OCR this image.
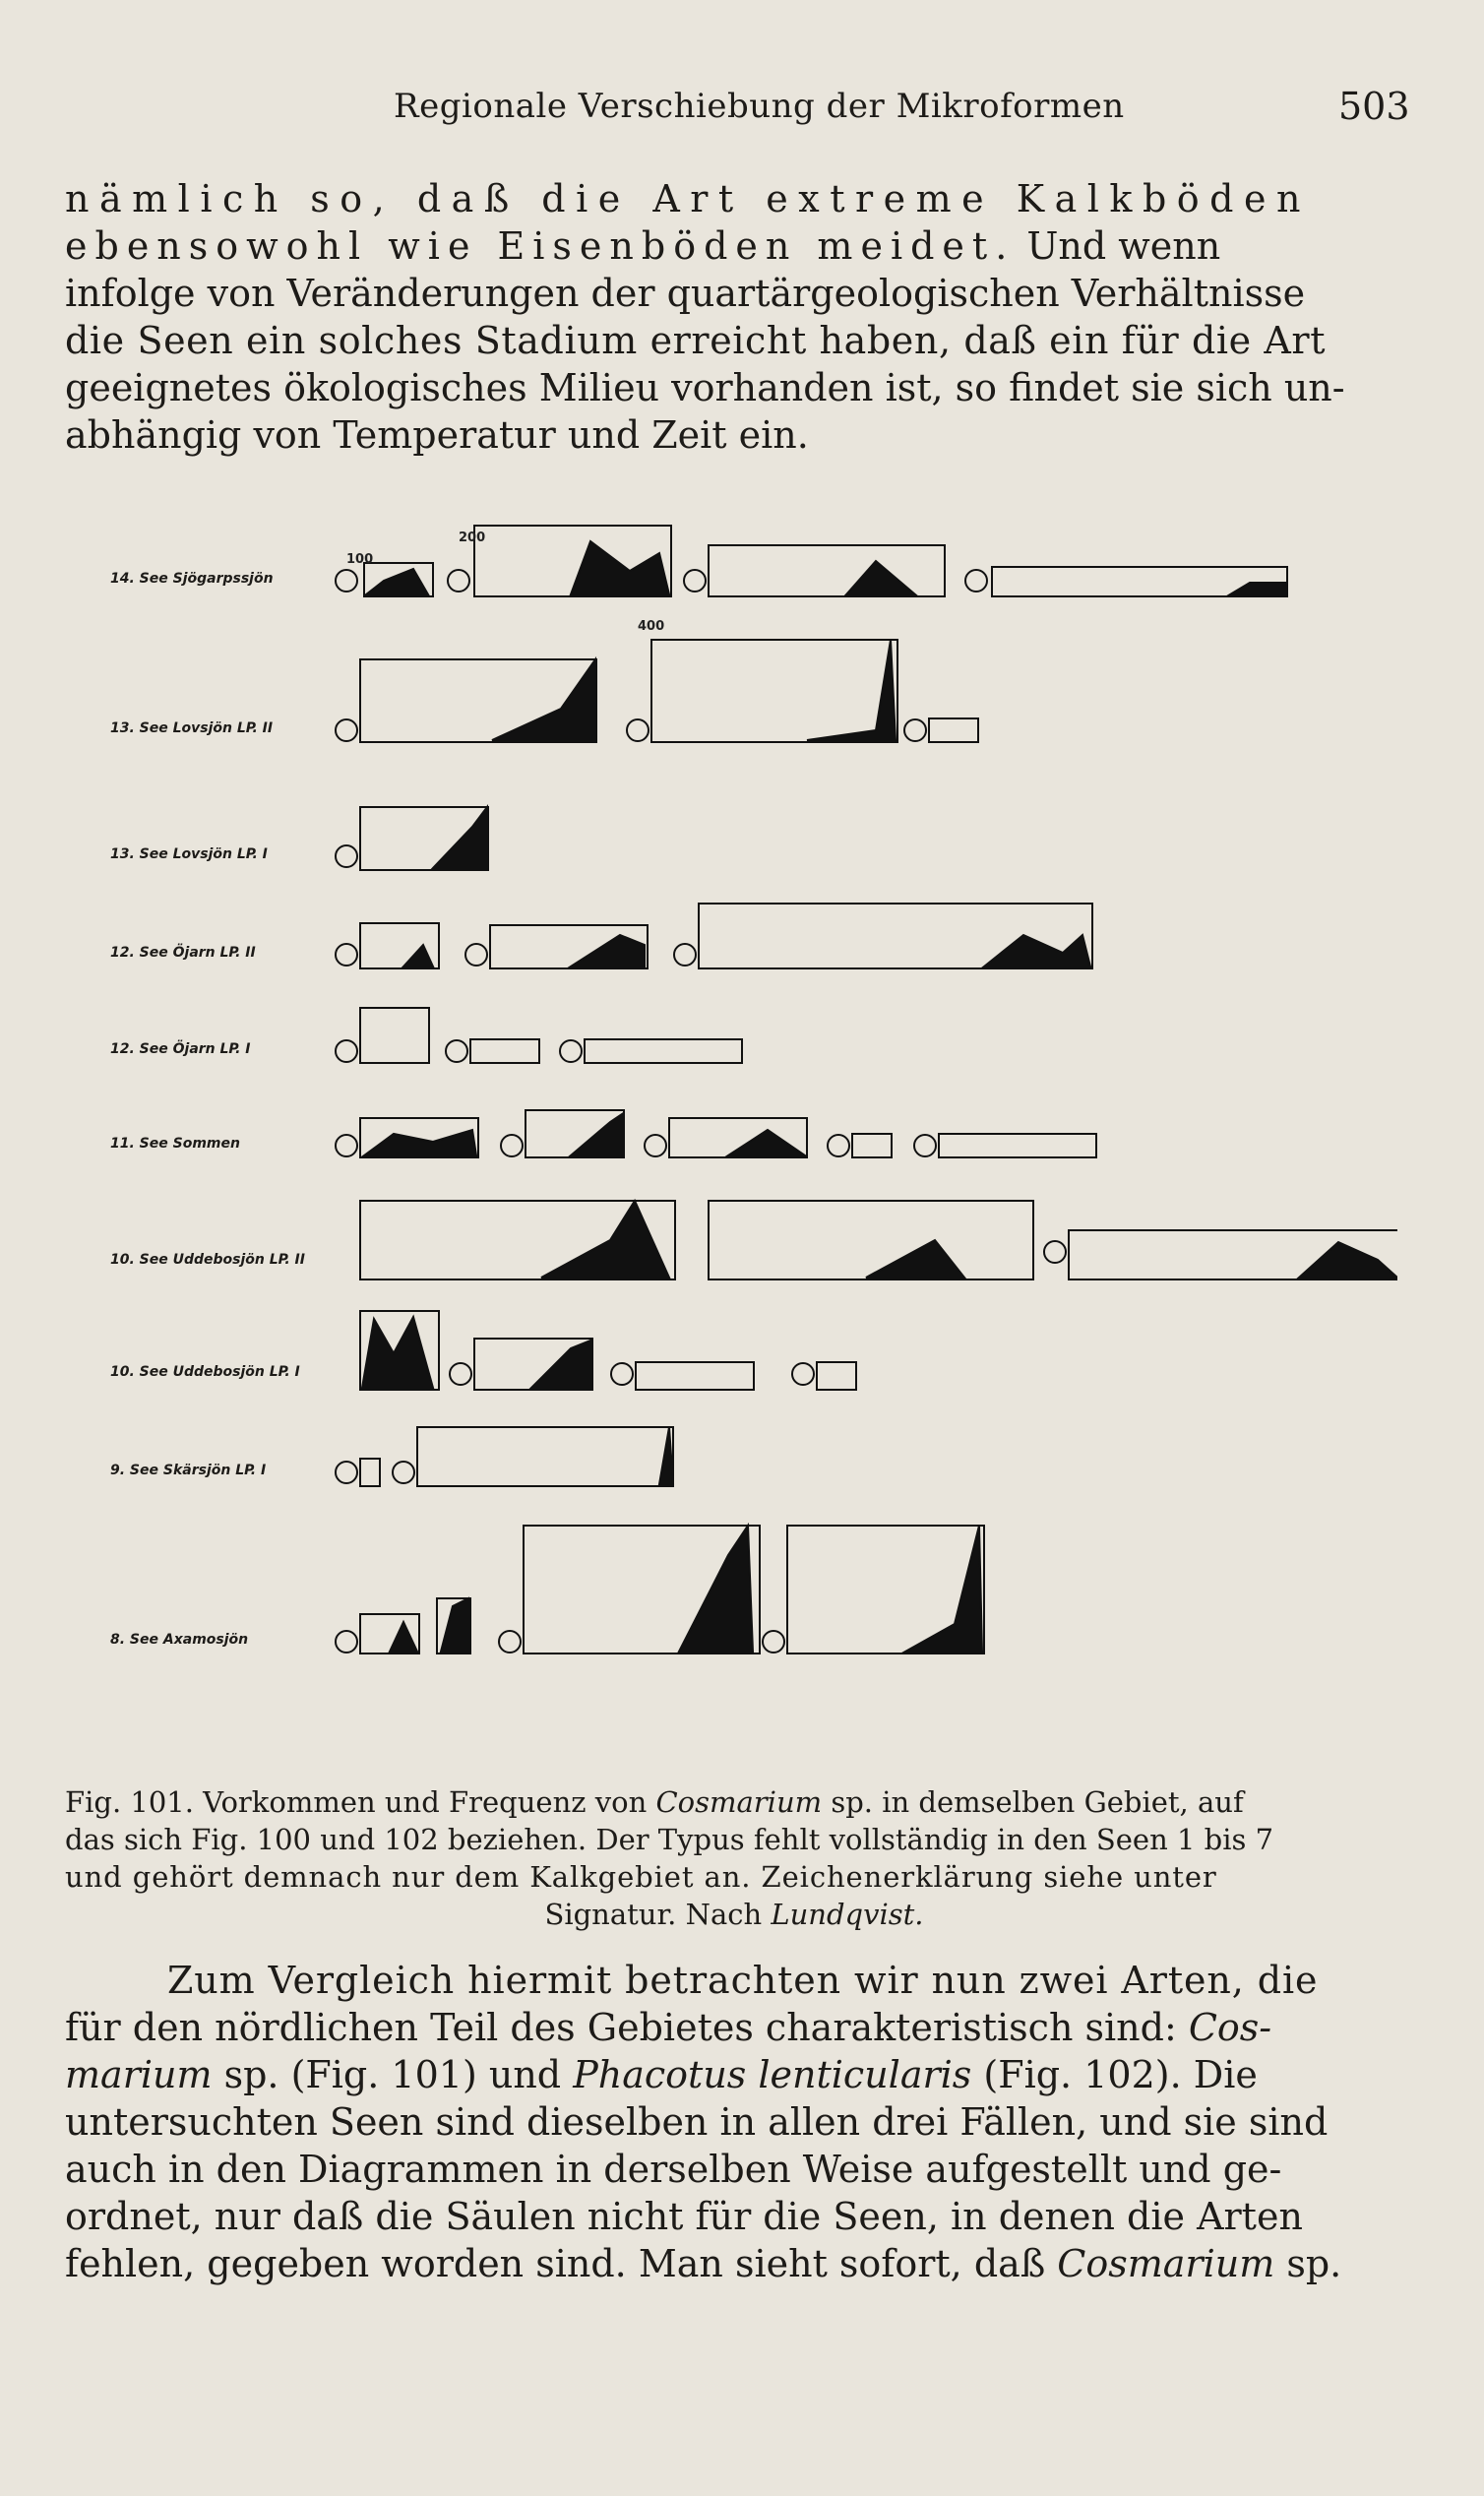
Regionale Verschiebung der Mikroformen	503

nämlich so, daß die Art extreme Kalkböden

ebensowohl wie Eisenböden meidet. Und wenn

infolge von Veränderungen der quartärgeologischen Verhältnisse

die Seen ein solches Stadium erreicht haben, daß ein für die Art

geeignetes ökologisches Milieu vorhanden ist, so findet sie sich un-

abhängig von Temperatur und Zeit ein.

100
200
400
14. See Sjögarpssjön
13. See Lovsjön LP. II
13. See Lovsjön LP. I
12. See Öjarn LP. II
12. See Öjarn LP. I
11. See Sommen
10. See Uddebosjön LP. II
10. See Uddebosjön LP. I
9. See Skärsjön LP. I
8. See Axamosjön
Fig. 101. Vorkommen und Frequenz von Cosmarium sp. in demselben Gebiet, auf
das sich Fig. 100 und 102 beziehen. Der Typus fehlt vollständig in den Seen 1 bis 7
und gehört demnach nur dem Kalkgebiet an. Zeichenerklärung siehe unter
Signatur. Nach Lundqvist.

Zum Vergleich hiermit betrachten wir nun zwei Arten, die

für den nördlichen Teil des Gebietes charakteristisch sind: Cos-

marium sp. (Fig. 101) und Phacotus lenticularis (Fig. 102). Die

untersuchten Seen sind dieselben in allen drei Fällen, und sie sind

auch in den Diagrammen in derselben Weise aufgestellt und ge-

ordnet, nur daß die Säulen nicht für die Seen, in denen die Arten

fehlen, gegeben worden sind. Man sieht sofort, daß Cosmarium sp.
